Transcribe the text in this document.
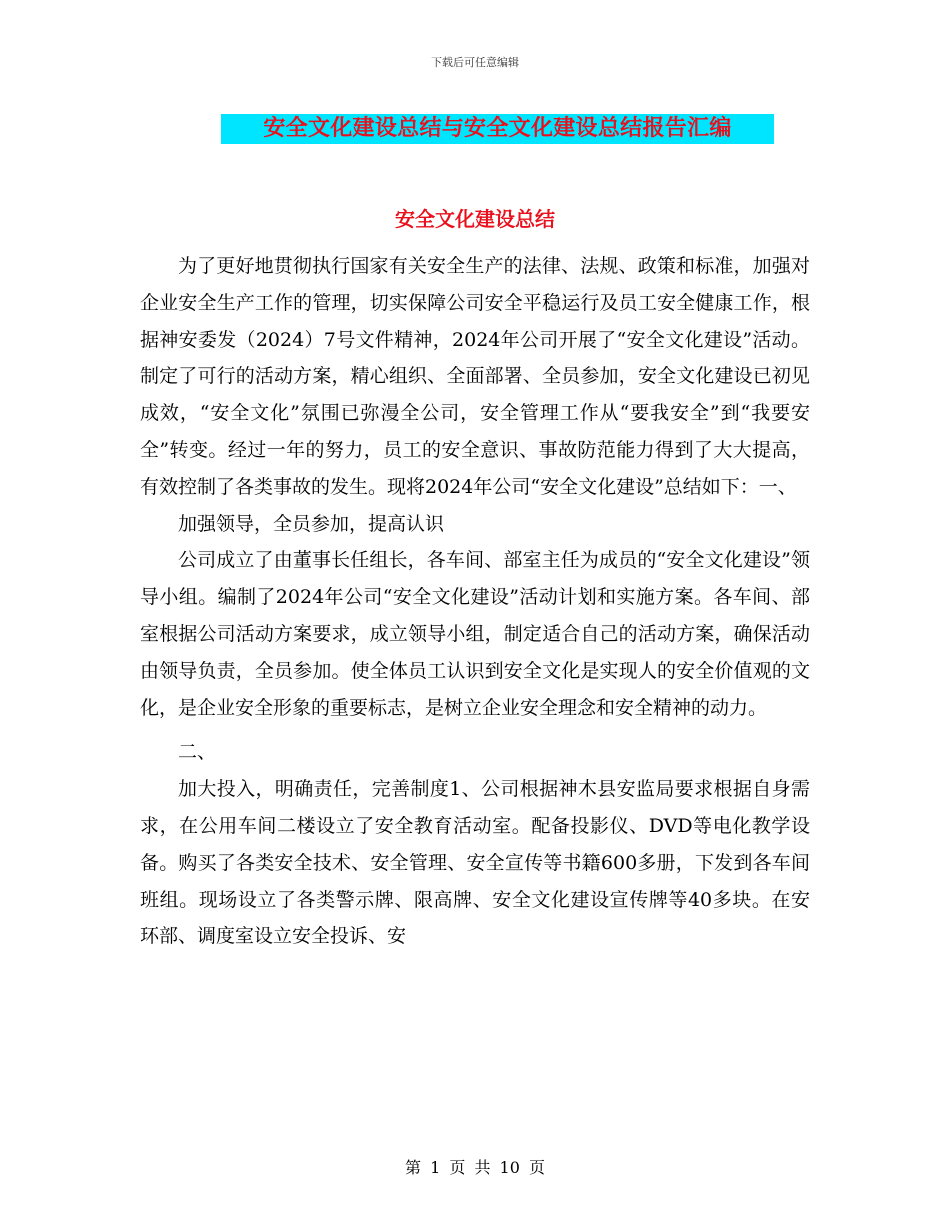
下载后可任意编辑
安全文化建设总结与安全文化建设总结报告汇编
安全文化建设总结

为了更好地贯彻执行国家有关安全生产的法律、法规、政策和标准，加强对企业安全生产工作的管理，切实保障公司安全平稳运行及员工安全健康工作，根据神安委发（2024）7号文件精神，2024年公司开展了“安全文化建设”活动。制定了可行的活动方案，精心组织、全面部署、全员参加，安全文化建设已初见成效，“安全文化”氛围已弥漫全公司，安全管理工作从“要我安全”到“我要安全”转变。经过一年的努力，员工的安全意识、事故防范能力得到了大大提高，有效控制了各类事故的发生。现将2024年公司“安全文化建设”总结如下：一、

加强领导，全员参加，提高认识

公司成立了由董事长任组长，各车间、部室主任为成员的“安全文化建设”领导小组。编制了2024年公司“安全文化建设”活动计划和实施方案。各车间、部室根据公司活动方案要求，成立领导小组，制定适合自己的活动方案，确保活动由领导负责，全员参加。使全体员工认识到安全文化是实现人的安全价值观的文化，是企业安全形象的重要标志，是树立企业安全理念和安全精神的动力。

二、

加大投入，明确责任，完善制度1、公司根据神木县安监局要求根据自身需求，在公用车间二楼设立了安全教育活动室。配备投影仪、DVD等电化教学设备。购买了各类安全技术、安全管理、安全宣传等书籍600多册，下发到各车间班组。现场设立了各类警示牌、限高牌、安全文化建设宣传牌等40多块。在安环部、调度室设立安全投诉、安

第 1 页 共 10 页
